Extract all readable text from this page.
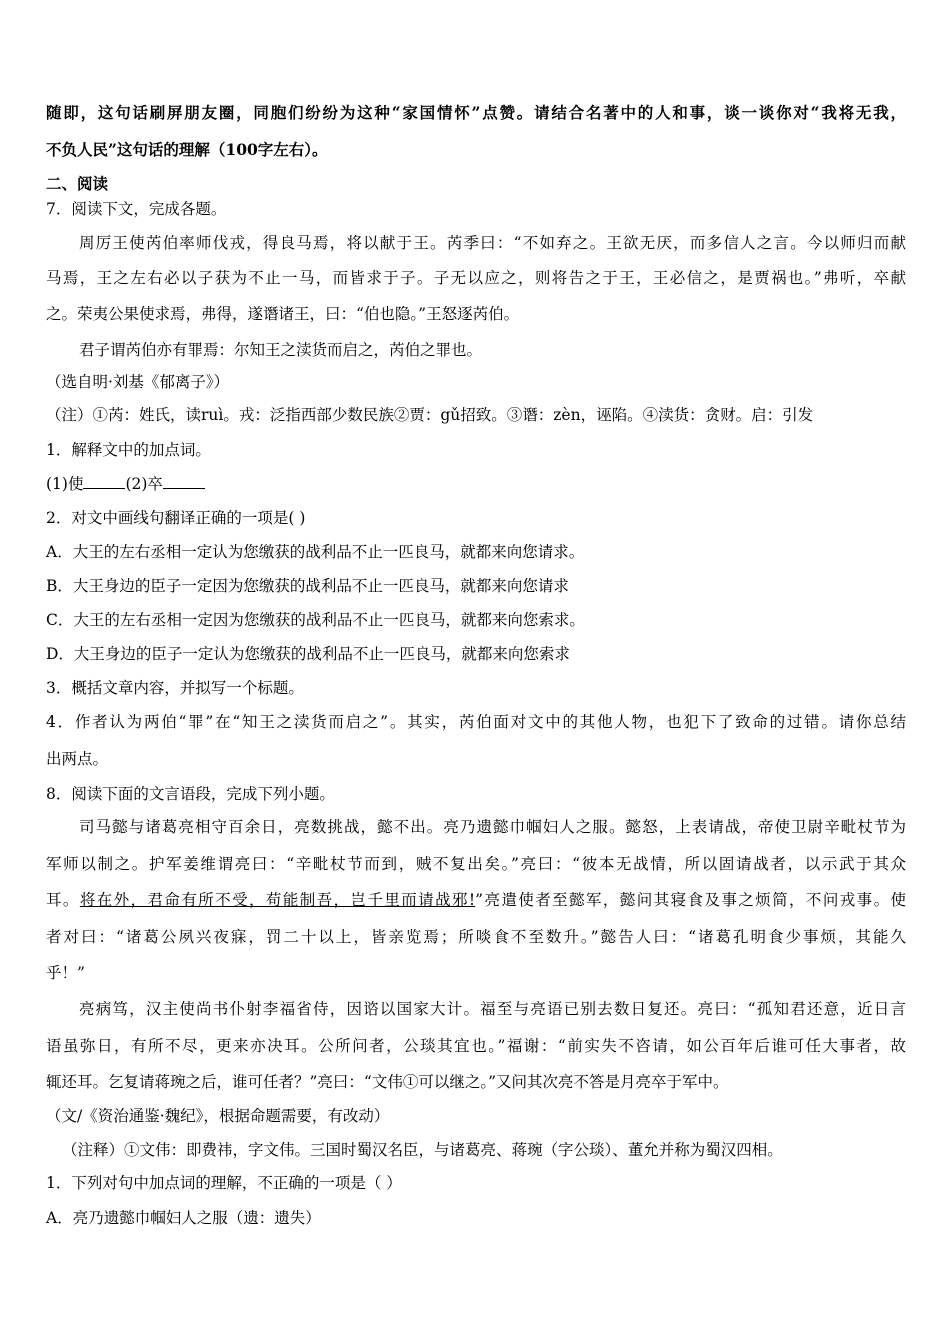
随即，这句话刷屏朋友圈，同胞们纷纷为这种“家国情怀”点赞。请结合名著中的人和事，谈一谈你对“我将无我，
不负人民”这句话的理解（100字左右）。
二、阅读
7．阅读下文，完成各题。
周厉王使芮伯率师伐戎，得良马焉，将以献于王。芮季曰：“不如弃之。王欲无厌，而多信人之言。今以师归而献
马焉，王之左右必以子获为不止一马，而皆求于子。子无以应之，则将告之于王，王必信之，是贾祸也。”弗听，卒献
之。荣夷公果使求焉，弗得，遂谮诸王，曰：“伯也隐。”王怒逐芮伯。
君子谓芮伯亦有罪焉：尔知王之渎货而启之，芮伯之罪也。
（选自明·刘基《郁离子》）
（注）①芮：姓氏，读ruì。戎：泛指西部少数民族②贾：gǔ招致。③谮：zèn，诬陷。④渎货：贪财。启：引发
1．解释文中的加点词。
(1)使	(2)卒
2．对文中画线句翻译正确的一项是( )
A．大王的左右丞相一定认为您缴获的战利品不止一匹良马，就都来向您请求。
B．大王身边的臣子一定因为您缴获的战利品不止一匹良马，就都来向您请求
C．大王的左右丞相一定因为您缴获的战利品不止一匹良马，就都来向您索求。
D．大王身边的臣子一定认为您缴获的战利品不止一匹良马，就都来向您索求
3．概括文章内容，并拟写一个标题。
4．作者认为两伯“罪”在“知王之渎货而启之”。其实，芮伯面对文中的其他人物，也犯下了致命的过错。请你总结
出两点。
8．阅读下面的文言语段，完成下列小题。
司马懿与诸葛亮相守百余日，亮数挑战，懿不出。亮乃遗懿巾帼妇人之服。懿怒，上表请战，帝使卫尉辛毗杖节为
军师以制之。护军姜维谓亮曰：“辛毗杖节而到，贼不复出矣。”亮曰：“彼本无战情，所以固请战者，以示武于其众
耳。将在外，君命有所不受，苟能制吾，岂千里而请战邪!”亮遣使者至懿军，懿问其寝食及事之烦简，不问戎事。使
者对曰：“诸葛公夙兴夜寐，罚二十以上，皆亲览焉；所啖食不至数升。”懿告人曰：“诸葛孔明食少事烦，其能久
乎！”
亮病笃，汉主使尚书仆射李福省侍，因谘以国家大计。福至与亮语已别去数日复还。亮曰：“孤知君还意，近日言
语虽弥日，有所不尽，更来亦决耳。公所问者，公琰其宜也。”福谢：“前实失不咨请，如公百年后谁可任大事者，故
辄还耳。乞复请蒋琬之后，谁可任者？”亮曰：“文伟①可以继之。”又问其次亮不答是月亮卒于军中。
（文/《资治通鉴·魏纪》，根据命题需要，有改动）
（注释）①文伟：即费祎，字文伟。三国时蜀汉名臣，与诸葛亮、蒋琬（字公琰）、董允并称为蜀汉四相。
1．下列对句中加点词的理解，不正确的一项是（ ）
A．亮乃遗懿巾帼妇人之服（遗：遗失）
